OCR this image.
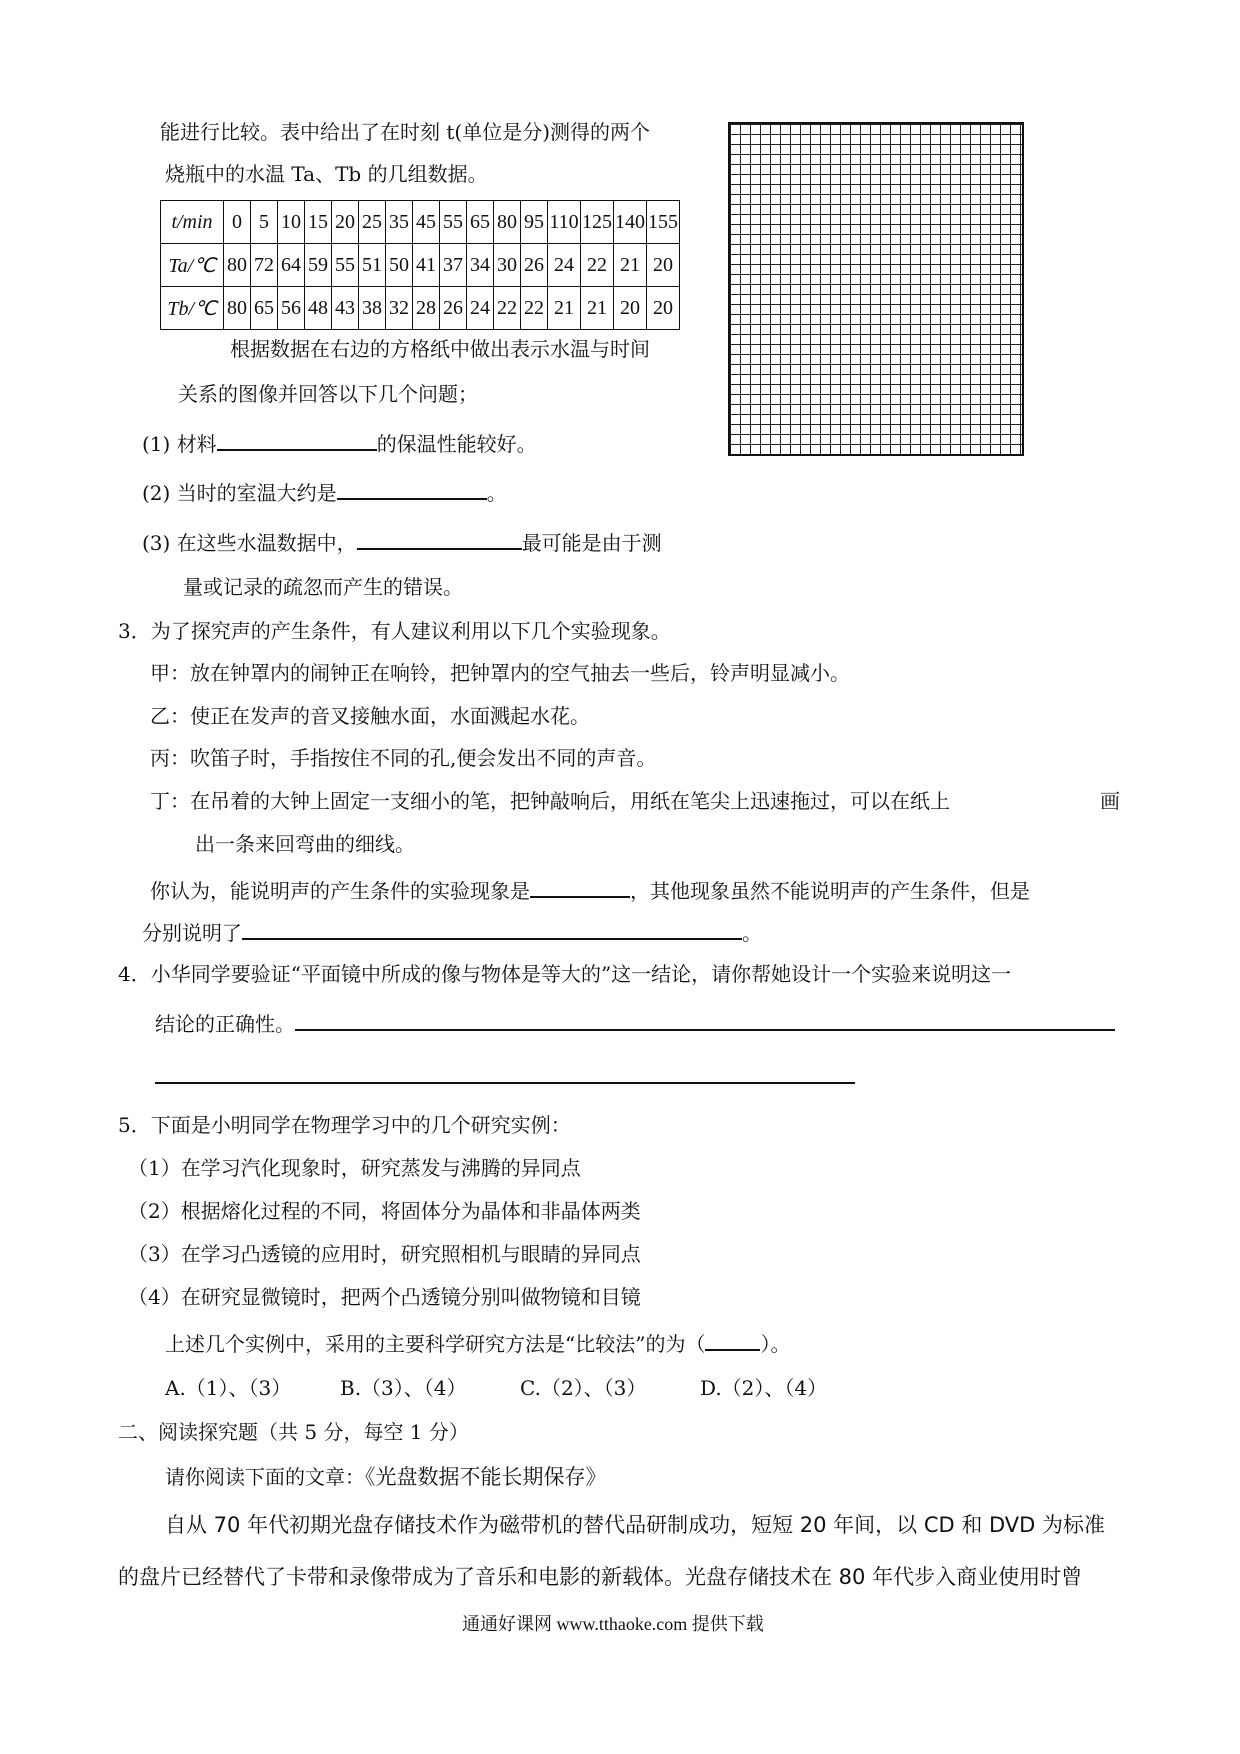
能进行比较。表中给出了在时刻 t(单位是分)测得的两个
烧瓶中的水温 Ta、Tb 的几组数据。
t/min	0	5	10	15	20	25	35	45	55	65	80	95	110	125	140	155
Ta/℃	80	72	64	59	55	51	50	41	37	34	30	26	24	22	21	20
Tb/℃	80	65	56	48	43	38	32	28	26	24	22	22	21	21	20	20
根据数据在右边的方格纸中做出表示水温与时间
关系的图像并回答以下几个问题；
(1) 材料	的保温性能较好。
(2) 当时的室温大约是	。
(3) 在这些水温数据中，	最可能是由于测
量或记录的疏忽而产生的错误。
3．为了探究声的产生条件，有人建议利用以下几个实验现象。
甲：放在钟罩内的闹钟正在响铃，把钟罩内的空气抽去一些后，铃声明显减小。
乙：使正在发声的音叉接触水面，水面溅起水花。
丙：吹笛子时，手指按住不同的孔,便会发出不同的声音。
丁：在吊着的大钟上固定一支细小的笔，把钟敲响后，用纸在笔尖上迅速拖过，可以在纸上	画
出一条来回弯曲的细线。
你认为，能说明声的产生条件的实验现象是	，其他现象虽然不能说明声的产生条件，但是
分别说明了	。
4．小华同学要验证“平面镜中所成的像与物体是等大的”这一结论，请你帮她设计一个实验来说明这一
结论的正确性。
5．下面是小明同学在物理学习中的几个研究实例：
（1）在学习汽化现象时，研究蒸发与沸腾的异同点
（2）根据熔化过程的不同，将固体分为晶体和非晶体两类
（3）在学习凸透镜的应用时，研究照相机与眼睛的异同点
（4）在研究显微镜时，把两个凸透镜分别叫做物镜和目镜
上述几个实例中，采用的主要科学研究方法是“比较法”的为（	）。
A.（1）、（3） B.（3）、（4）	C.（2）、（3）	D.（2）、（4）
二、阅读探究题（共 5 分，每空 1 分）
请你阅读下面的文章：《光盘数据不能长期保存》
自从 70 年代初期光盘存储技术作为磁带机的替代品研制成功，短短 20 年间，以 CD 和 DVD 为标准
的盘片已经替代了卡带和录像带成为了音乐和电影的新载体。光盘存储技术在 80 年代步入商业使用时曾
通通好课网 www.tthaoke.com 提供下载
